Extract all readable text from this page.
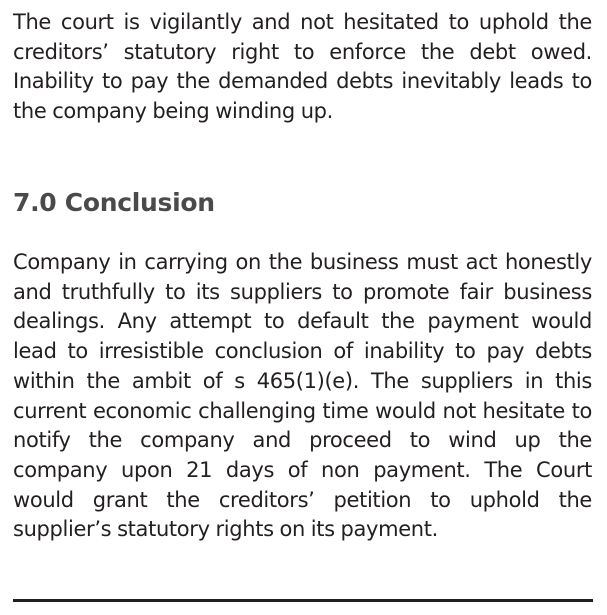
The court is vigilantly and not hesitated to uphold the creditors’ statutory right to enforce the debt owed. Inability to pay the demanded debts inevitably leads to the company being winding up.

7.0 Conclusion

Company in carrying on the business must act honestly and truthfully to its suppliers to promote fair business dealings. Any attempt to default the payment would lead to irresistible conclusion of inability to pay debts within the ambit of s 465(1)(e). The suppliers in this current economic challenging time would not hesitate to notify the company and proceed to wind up the company upon 21 days of non payment. The Court would grant the creditors’ petition to uphold the supplier’s statutory rights on its payment.
